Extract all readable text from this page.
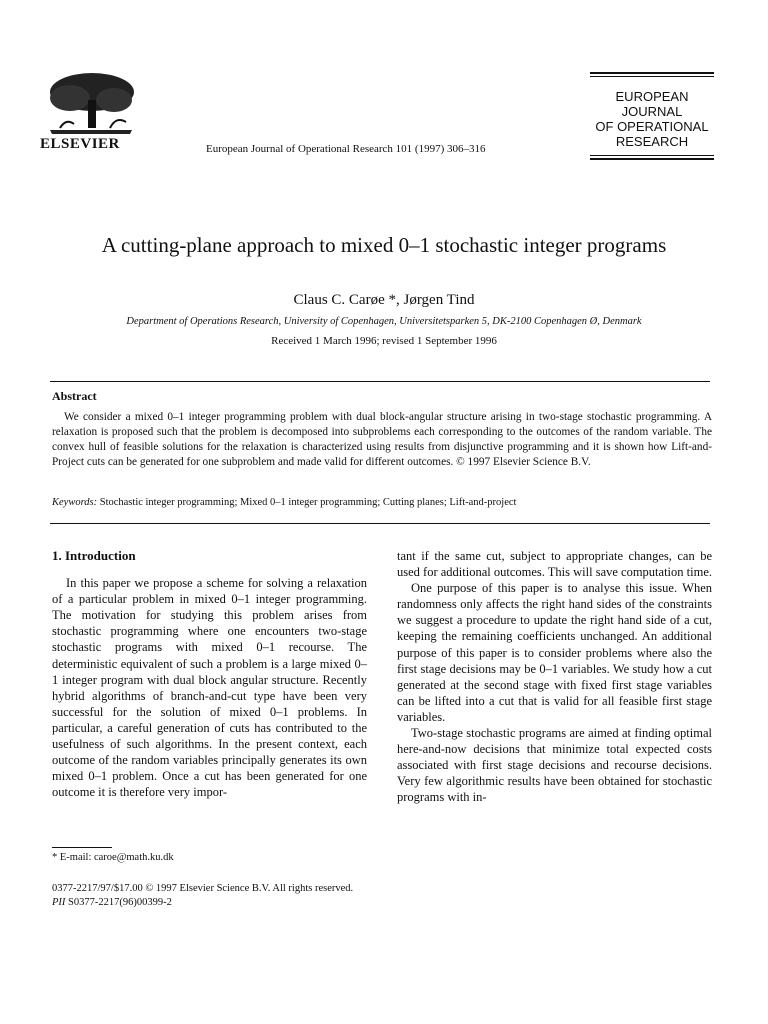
ELSEVIER	European Journal of Operational Research 101 (1997) 306–316
EUROPEAN
JOURNAL
OF OPERATIONAL
RESEARCH
A cutting-plane approach to mixed 0–1 stochastic integer programs
Claus C. Carøe *, Jørgen Tind
Department of Operations Research, University of Copenhagen, Universitetsparken 5, DK-2100 Copenhagen Ø, Denmark
Received 1 March 1996; revised 1 September 1996
Abstract
We consider a mixed 0–1 integer programming problem with dual block-angular structure arising in two-stage stochastic programming. A relaxation is proposed such that the problem is decomposed into subproblems each corresponding to the outcomes of the random variable. The convex hull of feasible solutions for the relaxation is characterized using results from disjunctive programming and it is shown how Lift-and-Project cuts can be generated for one subproblem and made valid for different outcomes. © 1997 Elsevier Science B.V.
Keywords: Stochastic integer programming; Mixed 0–1 integer programming; Cutting planes; Lift-and-project
1. Introduction

In this paper we propose a scheme for solving a relaxation of a particular problem in mixed 0–1 integer programming. The motivation for studying this problem arises from stochastic programming where one encounters two-stage stochastic programs with mixed 0–1 recourse. The deterministic equivalent of such a problem is a large mixed 0–1 integer program with dual block angular structure. Recently hybrid algorithms of branch-and-cut type have been very successful for the solution of mixed 0–1 problems. In particular, a careful generation of cuts has contributed to the usefulness of such algorithms. In the present context, each outcome of the random variables principally generates its own mixed 0–1 problem. Once a cut has been generated for one outcome it is therefore very impor-

tant if the same cut, subject to appropriate changes, can be used for additional outcomes. This will save computation time.

One purpose of this paper is to analyse this issue. When randomness only affects the right hand sides of the constraints we suggest a procedure to update the right hand side of a cut, keeping the remaining coefficients unchanged. An additional purpose of this paper is to consider problems where also the first stage decisions may be 0–1 variables. We study how a cut generated at the second stage with fixed first stage variables can be lifted into a cut that is valid for all feasible first stage variables.

Two-stage stochastic programs are aimed at finding optimal here-and-now decisions that minimize total expected costs associated with first stage decisions and recourse decisions. Very few algorithmic results have been obtained for stochastic programs with in-

* E-mail: caroe@math.ku.dk
0377-2217/97/$17.00 © 1997 Elsevier Science B.V. All rights reserved.
PII S0377-2217(96)00399-2
